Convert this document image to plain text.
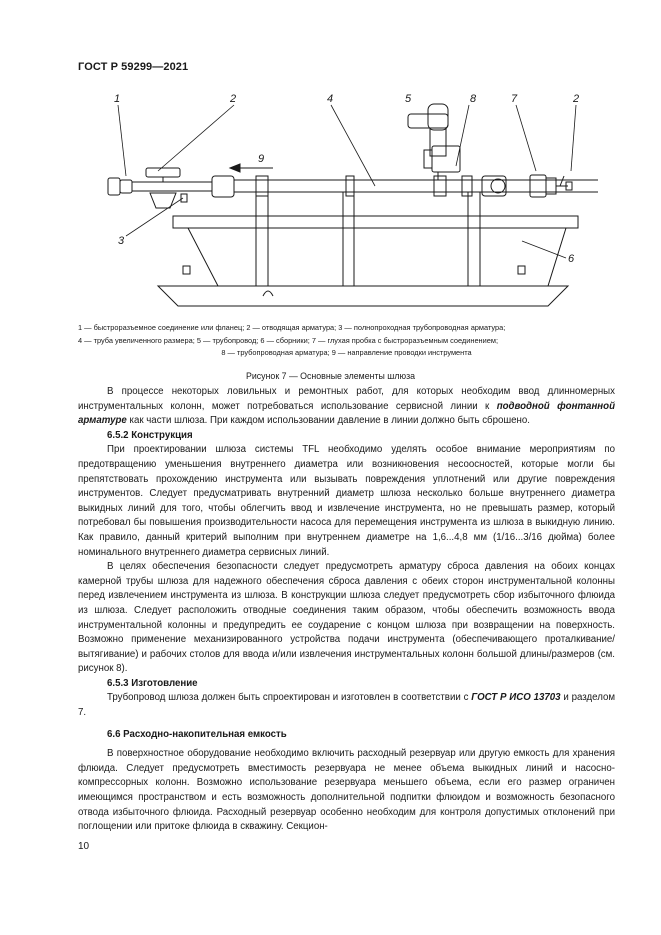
ГОСТ Р 59299—2021
1	2	4	5	8	7	2
9
3
6
1 — быстроразъемное соединение или фланец; 2 — отводящая арматура; 3 — полнопроходная трубопроводная арматура;
4 — труба увеличенного размера; 5 — трубопровод; 6 — сборники; 7 — глухая пробка с быстроразъемным соединением;
8 — трубопроводная арматура; 9 — направление проводки инструмента
Рисунок 7 — Основные элементы шлюза

В процессе некоторых ловильных и ремонтных работ, для которых необходим ввод длинномерных инструментальных колонн, может потребоваться использование сервисной линии к подводной фонтанной арматуре как части шлюза. При каждом использовании давление в линии должно быть сброшено.

6.5.2 Конструкция

При проектировании шлюза системы TFL необходимо уделять особое внимание мероприятиям по предотвращению уменьшения внутреннего диаметра или возникновения несоосностей, которые могли бы препятствовать прохождению инструмента или вызывать повреждения уплотнений или другие повреждения инструментов. Следует предусматривать внутренний диаметр шлюза несколько больше внутреннего диаметра выкидных линий для того, чтобы облегчить ввод и извлечение инструмента, но не превышать размер, который потребовал бы повышения производительности насоса для перемещения инструмента из шлюза в выкидную линию. Как правило, данный критерий выполним при внутреннем диаметре на 1,6...4,8 мм (1/16...3/16 дюйма) более номинального внутреннего диаметра сервисных линий.

В целях обеспечения безопасности следует предусмотреть арматуру сброса давления на обоих концах камерной трубы шлюза для надежного обеспечения сброса давления с обеих сторон инструментальной колонны перед извлечением инструмента из шлюза. В конструкции шлюза следует предусмотреть сбор избыточного флюида из шлюза. Следует расположить отводные соединения таким образом, чтобы обеспечить возможность ввода инструментальной колонны и предупредить ее соударение с концом шлюза при возвращении на поверхность. Возможно применение механизированного устройства подачи инструмента (обеспечивающего проталкивание/вытягивание) и рабочих столов для ввода и/или извлечения инструментальных колонн большой длины/размеров (см. рисунок 8).

6.5.3 Изготовление

Трубопровод шлюза должен быть спроектирован и изготовлен в соответствии с ГОСТ Р ИСО 13703 и разделом 7.

6.6 Расходно-накопительная емкость

В поверхностное оборудование необходимо включить расходный резервуар или другую емкость для хранения флюида. Следует предусмотреть вместимость резервуара не менее объема выкидных линий и насосно-компрессорных колонн. Возможно использование резервуара меньшего объема, если его размер ограничен имеющимся пространством и есть возможность дополнительной подпитки флюидом и возможность безопасного отвода избыточного флюида. Расходный резервуар особенно необходим для контроля допустимых отклонений при поглощении или притоке флюида в скважину. Секцион-

10
